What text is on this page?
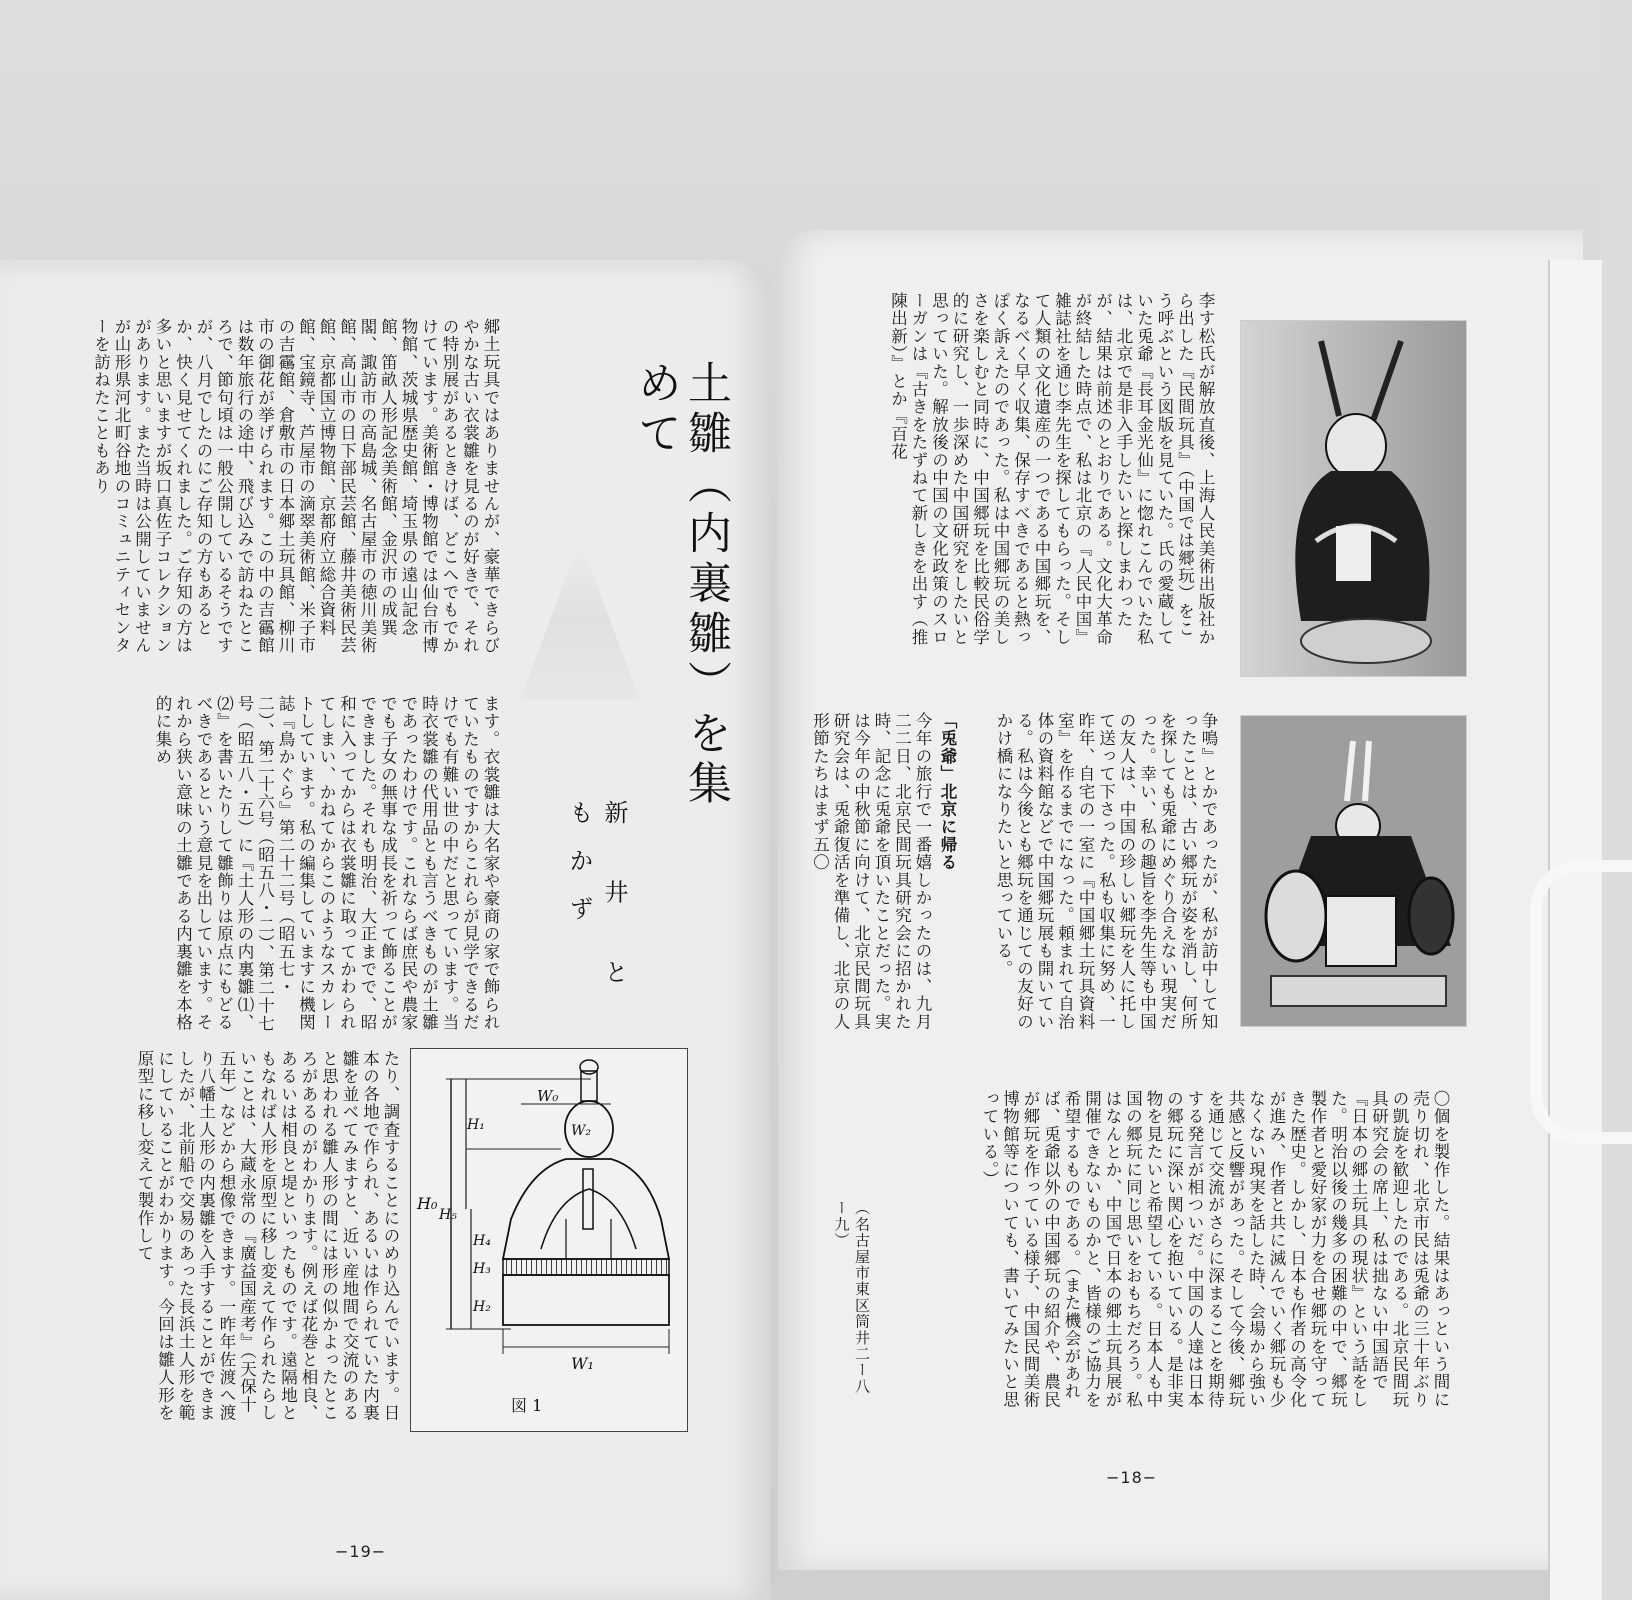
土雛（内裏雛）を集めて
新 井 ともかず
郷土玩具ではありませんが、豪華できらびやかな古い衣裳雛を見るのが好きで、それの特別展があるときけば、どこへでもでかけています。美術館・博物館では仙台市博物館、茨城県歴史館、埼玉県の遠山記念館、笛畝人形記念美術館、金沢市の成巽閣、諏訪市の高島城、名古屋市の徳川美術館、高山市の日下部民芸館、藤井美術民芸館、京都国立博物館、京都府立総合資料館、宝鏡寺、芦屋市の滴翠美術館、米子市の吉靍館、倉敷市の日本郷土玩具館、柳川市の御花が挙げられます。この中の吉靍館は数年旅行の途中、飛び込みで訪ねたところで、節句頃は一般公開しているそうですが、八月でしたのにご存知の方もあるとか、快く見せてくれました。ご存知の方は多いと思いますが坂口真佐子コレクションがあります。また当時は公開していませんが山形県河北町谷地のコミュニティセンターを訪ねたこともあり
ます。衣裳雛は大名家や豪商の家で飾られていたものですからこれらが見学できるだけでも有難い世の中だと思っています。当時衣裳雛の代用品とも言うべきものが土雛であったわけです。これならば庶民や農家でも子女の無事な成長を祈って飾ることができました。それも明治、大正までで、昭和に入ってからは衣裳雛に取ってかわられてしまい、かねてからこのようなスカレートしています。私の編集していますに機関誌『鳥かぐら』第二十二号（昭五七・二）、第二十六号（昭五八・二）、第二十七号（昭五八・五）に『土人形の内裏雛⑴、⑵』を書いたりして雛飾りは原点にもどるべきであるという意見を出しています。それから狭い意味の土雛である内裏雛を本格的に集め
たり、調査することにのめり込んでいます。日本の各地で作られ、あるいは作られていた内裏雛を並べてみますと、近い産地間で交流のあると思われる雛人形の間には形の似かよったところがあるのがわかります。例えば花巻と相良、あるいは相良と堤といったものです。遠隔地ともなれば人形を原型に移し変えて作られたらしいことは、大蔵永常の『廣益国産考』（天保十五年）などから想像できます。一昨年佐渡へ渡り八幡土人形の内裏雛を入手することができましたが、北前船で交易のあった長浜土人形を範にしていることがわかります。今回は雛人形を原型に移し変えて製作して	W₀
W₂
W₁
H₀
H₁
H₂
H₃
H₄
H₅
図 1
−19−
李す松氏が解放直後、上海人民美術出版社から出した『民間玩具』（中国では郷玩）をこう呼ぶという図版を見ていた。氏の愛蔵していた兎爺『長耳金光仙』に惚れこんでいた私は、北京で是非入手したいと探しまわったが、結果は前述のとおりである。文化大革命が終結した時点で、私は北京の『人民中国』雑誌社を通じ李先生を探してもらった。そして人類の文化遺産の一つである中国郷玩を、なるべく早く収集、保存すべきであると熱っぽく訴えたのであった。私は中国郷玩の美しさを楽しむと同時に、中国郷玩を比較民俗学的に研究し、一歩深めた中国研究をしたいと思っていた。解放後の中国の文化政策のスローガンは『古きをたずねて新しきを出す（推陳出新）』とか『百花
争鳴』とかであったが、私が訪中して知ったことは、古い郷玩が姿を消し、何所を探しても兎爺にめぐり合えない現実だった。幸い、私の趣旨を李先生等も中国の友人は、中国の珍しい郷玩を人に托して送って下さった。私も収集に努め、一昨年、自宅の一室に『中国郷土玩具資料室』を作るまでになった。頼まれて自治体の資料館などで中国郷玩展も開いている。私は今後とも郷玩を通じての友好のかけ橋になりたいと思っている。
「兎爺」北京に帰る
今年の旅行で一番嬉しかったのは、九月二二日、北京民間玩具研究会に招かれた時、記念に兎爺を頂いたことだった。実は今年の中秋節に向けて、北京民間玩具研究会は、兎爺復活を準備し、北京の人形節たちはまず五〇
〇個を製作した。結果はあっという間に売り切れ、北京市民は兎爺の三十年ぶりの凱旋を歓迎したのである。北京民間玩具研究会の席上、私は拙ない中国語で『日本の郷土玩具の現状』という話をした。明治以後の幾多の困難の中で、郷玩製作者と愛好家が力を合せ郷玩を守ってきた歴史。しかし、日本も作者の高令化が進み、作者と共に滅んでいく郷玩も少なくない現実を話した時、会場から強い共感と反響があった。そして今後、郷玩を通じて交流がさらに深まることを期待する発言が相ついだ。中国の人達は日本の郷玩に深い関心を抱いている。是非実物を見たいと希望している。日本人も中国の郷玩に同じ思いをおもちだろう。私はなんとか、中国で日本の郷土玩具展が開催できないものかと、皆様のご協力を希望するものである。（また機会があれば、兎爺以外の中国郷玩の紹介や、農民が郷玩を作っている様子、中国民間美術博物館等についても、書いてみたいと思っている。）
（名古屋市東区筒井二ー八ー九）
−18−
